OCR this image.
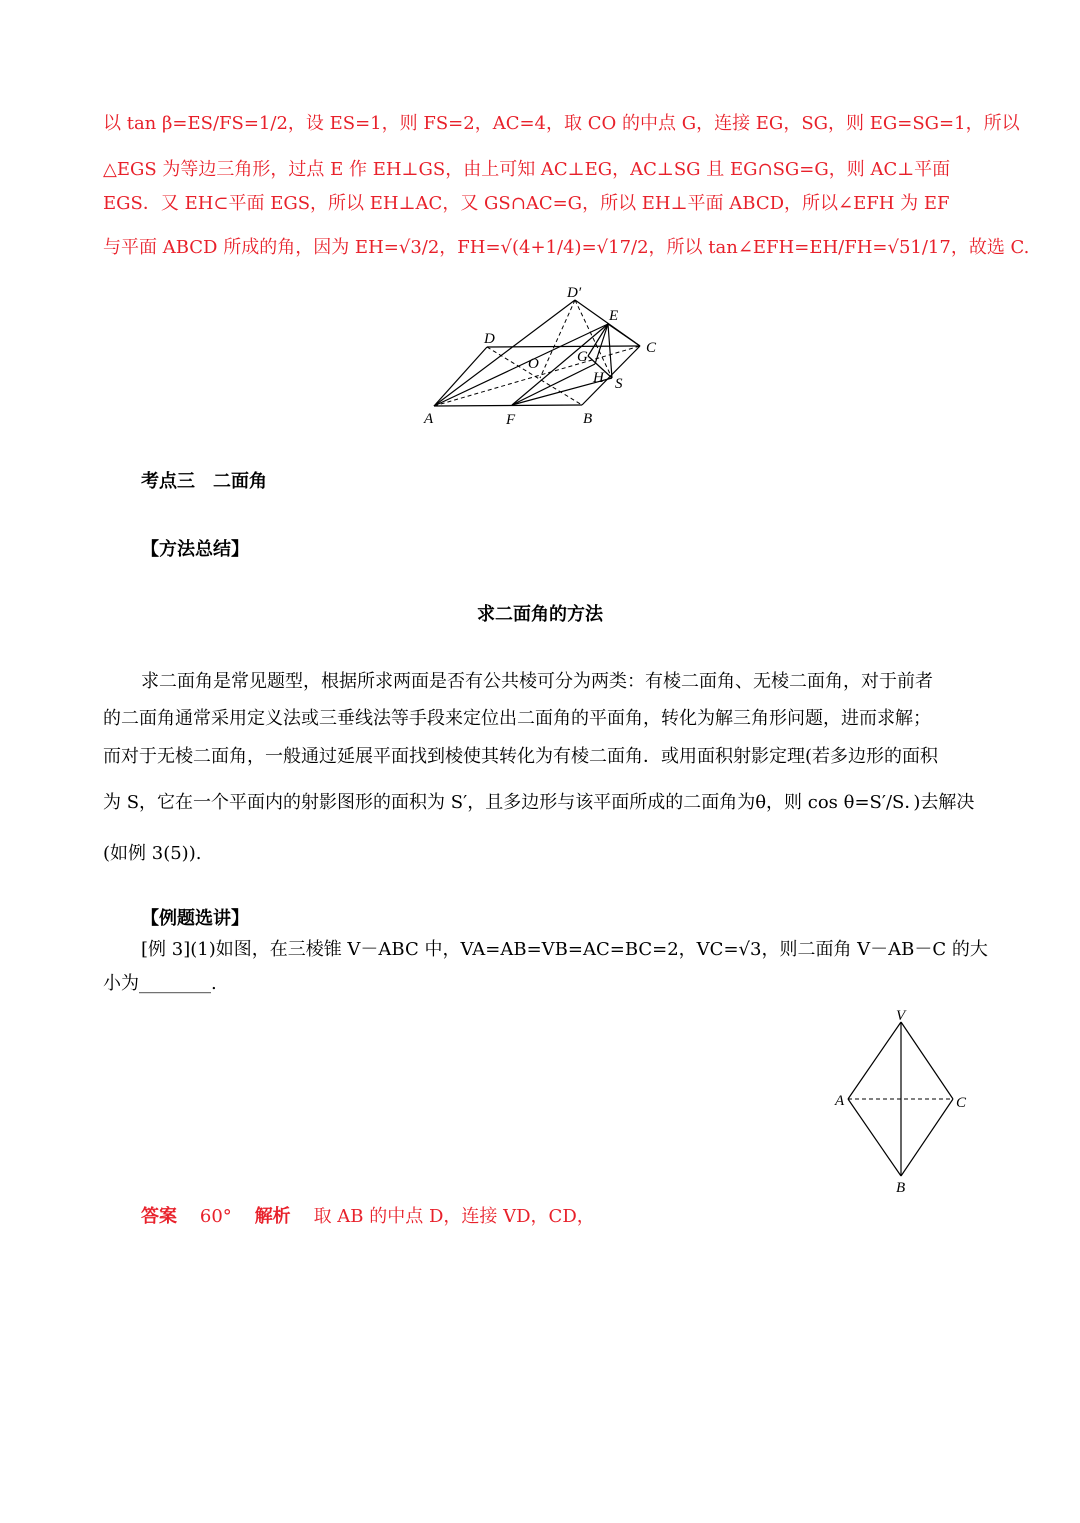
以 tan β=ES/FS=1/2，设 ES=1，则 FS=2，AC=4，取 CO 的中点 G，连接 EG，SG，则 EG=SG=1，所以
△EGS 为等边三角形，过点 E 作 EH⊥GS，由上可知 AC⊥EG，AC⊥SG 且 EG∩SG=G，则 AC⊥平面
EGS．又 EH⊂平面 EGS，所以 EH⊥AC，又 GS∩AC=G，所以 EH⊥平面 ABCD，所以∠EFH 为 EF
与平面 ABCD 所成的角，因为 EH=√3/2，FH=√(4+1/4)=√17/2，所以 tan∠EFH=EH/FH=√51/17，故选 C.
A	B
C
D
D′
E
F
G
H
O
S
考点三　二面角
【方法总结】
求二面角的方法
求二面角是常见题型，根据所求两面是否有公共棱可分为两类：有棱二面角、无棱二面角，对于前者
的二面角通常采用定义法或三垂线法等手段来定位出二面角的平面角，转化为解三角形问题，进而求解；
而对于无棱二面角，一般通过延展平面找到棱使其转化为有棱二面角．或用面积射影定理(若多边形的面积
为 S，它在一个平面内的射影图形的面积为 S′，且多边形与该平面所成的二面角为θ，则 cos θ=S′/S．)去解决
(如例 3(5)).
【例题选讲】
[例 3](1)如图，在三棱锥 V－ABC 中，VA=AB=VB=AC=BC=2，VC=√3，则二面角 V－AB－C 的大
小为________.
V
A	C
B
答案 60° 解析 取 AB 的中点 D，连接 VD，CD，
